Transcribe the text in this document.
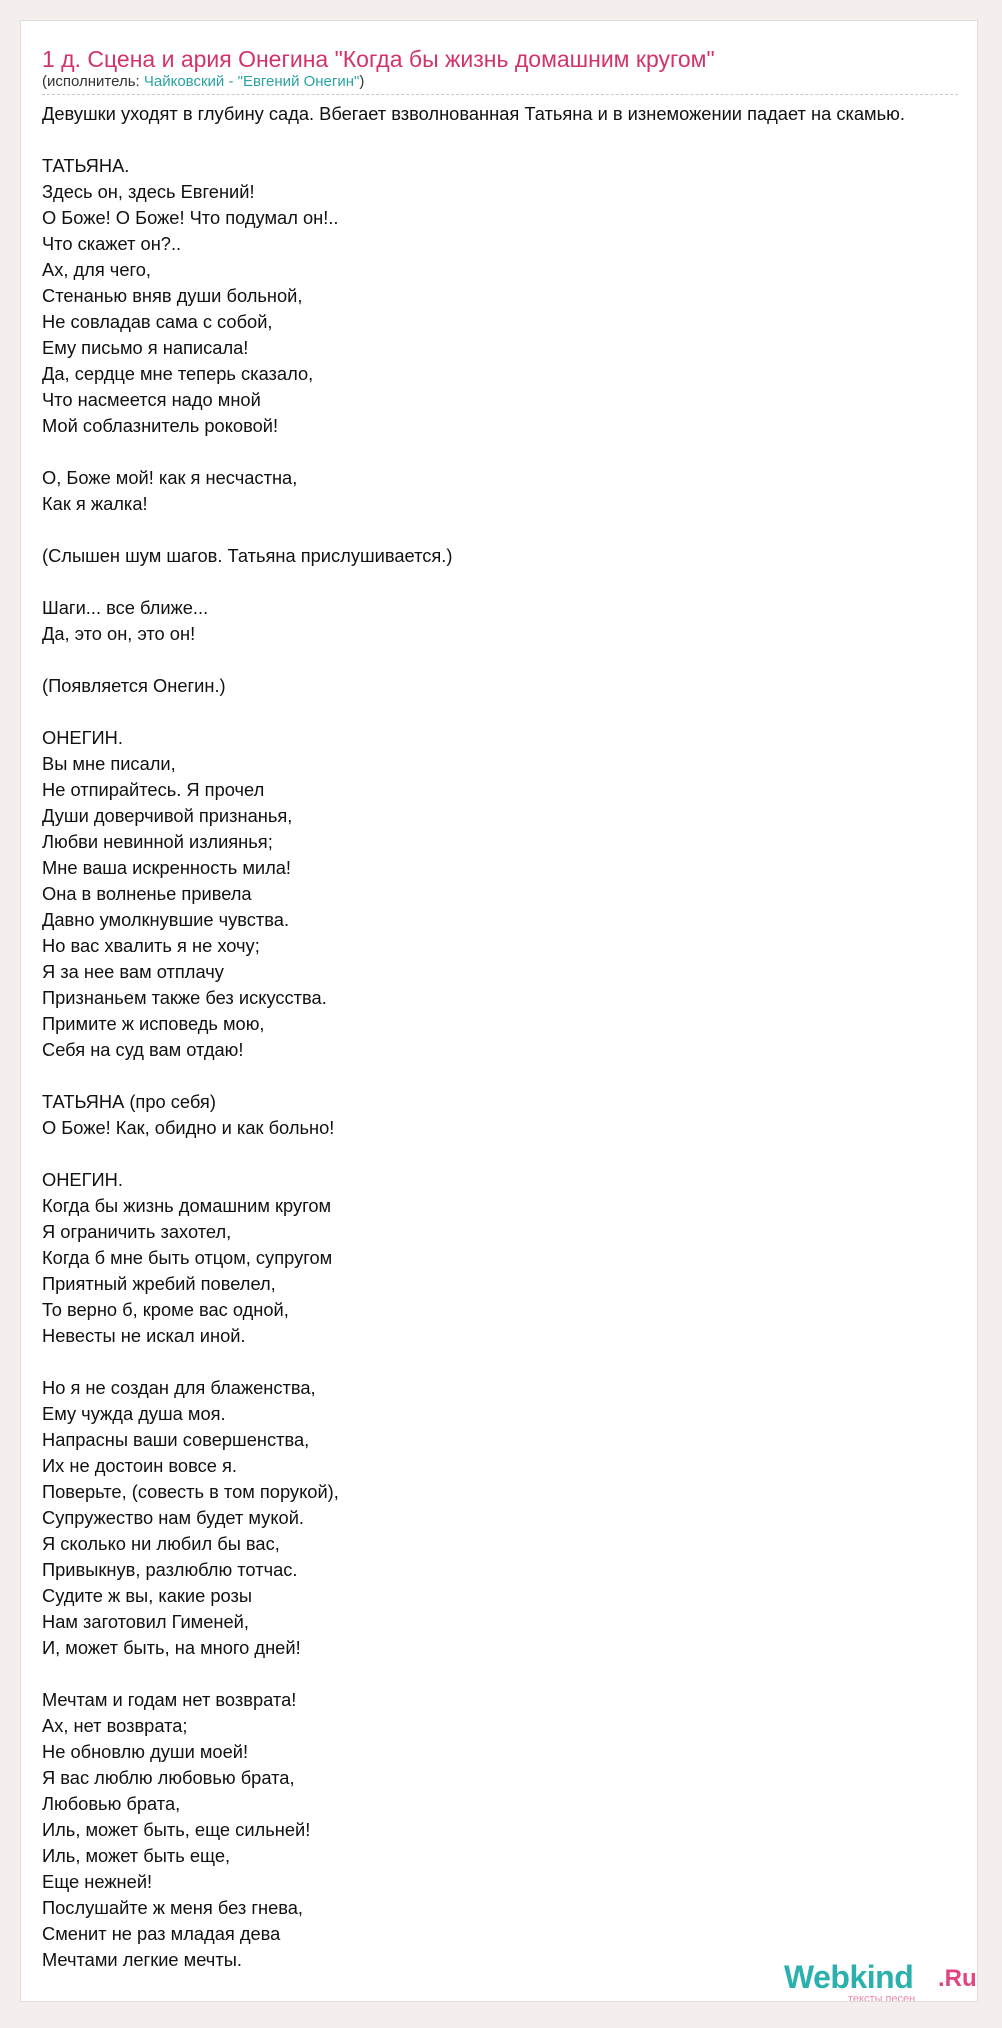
1 д. Сцена и ария Онегина "Когда бы жизнь домашним кругом"
(исполнитель: Чайковский - "Евгений Онегин")
Девушки уходят в глубину сада. Вбегает взволнованная Татьяна и в изнеможении падает на скамью.

ТАТЬЯНА.
Здесь он, здесь Евгений!
О Боже! О Боже! Что подумал он!..
Что скажет он?..
Ах, для чего,
Стенанью вняв души больной,
Не совладав сама с собой,
Ему письмо я написала!
Да, сердце мне теперь сказало,
Что насмеется надо мной
Мой соблазнитель роковой!

О, Боже мой! как я несчастна,
Как я жалка!

(Слышен шум шагов. Татьяна прислушивается.)

Шаги... все ближе...
Да, это он, это он!

(Появляется Онегин.)

ОНЕГИН.
Вы мне писали,
Не отпирайтесь. Я прочел
Души доверчивой признанья,
Любви невинной излиянья;
Мне ваша искренность мила!
Она в волненье привела
Давно умолкнувшие чувства.
Но вас хвалить я не хочу;
Я за нее вам отплачу
Признаньем также без искусства.
Примите ж исповедь мою,
Себя на суд вам отдаю!

ТАТЬЯНА (про себя)
О Боже! Как, обидно и как больно!

ОНЕГИН.
Когда бы жизнь домашним кругом
Я ограничить захотел,
Когда б мне быть отцом, супругом
Приятный жребий повелел,
То верно б, кроме вас одной,
Невесты не искал иной.

Но я не создан для блаженства,
Ему чужда душа моя.
Напрасны ваши совершенства,
Их не достоин вовсе я.
Поверьте, (совесть в том порукой),
Супружество нам будет мукой.
Я сколько ни любил бы вас,
Привыкнув, разлюблю тотчас.
Судите ж вы, какие розы
Нам заготовил Гименей,
И, может быть, на много дней!

Мечтам и годам нет возврата!
Ах, нет возврата;
Не обновлю души моей!
Я вас люблю любовью брата,
Любовью брата,
Иль, может быть, еще сильней!
Иль, может быть еще,
Еще нежней!
Послушайте ж меня без гнева,
Сменит не раз младая дева
Мечтами легкие мечты.	Webkind .Ru
тексты песен
